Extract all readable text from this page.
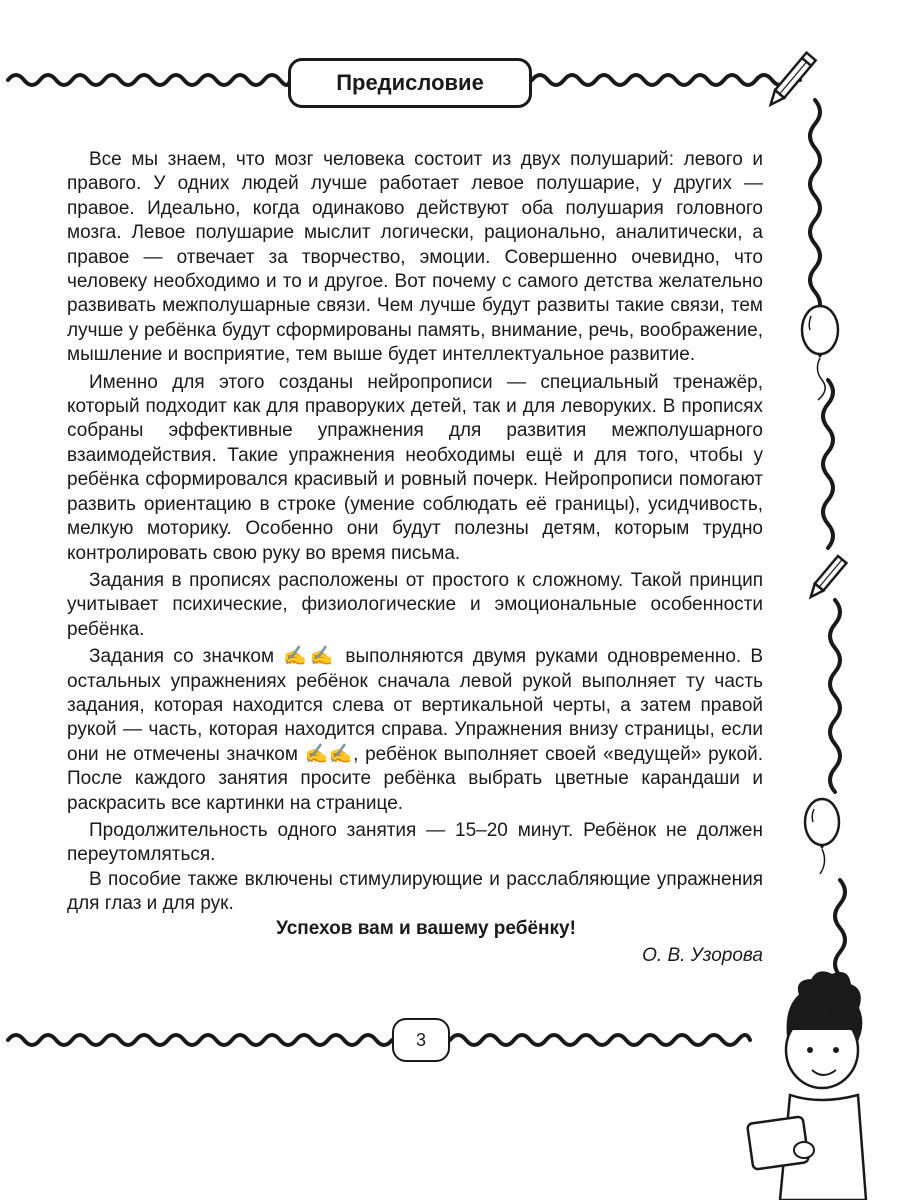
Предисловие

Все мы знаем, что мозг человека состоит из двух полушарий: левого и правого. У одних людей лучше работает левое полушарие, у других — правое. Идеально, когда одинаково действуют оба полушария головного мозга. Левое полушарие мыслит логически, рационально, аналитически, а правое — отвечает за творчество, эмоции. Совершенно очевидно, что человеку необходимо и то и другое. Вот почему с самого детства желательно развивать межполушарные связи. Чем лучше будут развиты такие связи, тем лучше у ребёнка будут сформированы память, внимание, речь, воображение, мышление и восприятие, тем выше будет интеллектуальное развитие.

Именно для этого созданы нейропрописи — специальный тренажёр, который подходит как для праворуких детей, так и для леворуких. В прописях собраны эффективные упражнения для развития межполушарного взаимодействия. Такие упражнения необходимы ещё и для того, чтобы у ребёнка сформировался красивый и ровный почерк. Нейропрописи помогают развить ориентацию в строке (умение соблюдать её границы), усидчивость, мелкую моторику. Особенно они будут полезны детям, которым трудно контролировать свою руку во время письма.

Задания в прописях расположены от простого к сложному. Такой принцип учитывает психические, физиологические и эмоциональные особенности ребёнка.

Задания со значком ✍✍ выполняются двумя руками одновременно. В остальных упражнениях ребёнок сначала левой рукой выполняет ту часть задания, которая находится слева от вертикальной черты, а затем правой рукой — часть, которая находится справа. Упражнения внизу страницы, если они не отмечены значком ✍✍, ребёнок выполняет своей «ведущей» рукой. После каждого занятия просите ребёнка выбрать цветные карандаши и раскрасить все картинки на странице.

Продолжительность одного занятия — 15–20 минут. Ребёнок не должен переутомляться.

В пособие также включены стимулирующие и расслабляющие упражнения для глаз и для рук.

Успехов вам и вашему ребёнку!

О. В. Узорова

3
